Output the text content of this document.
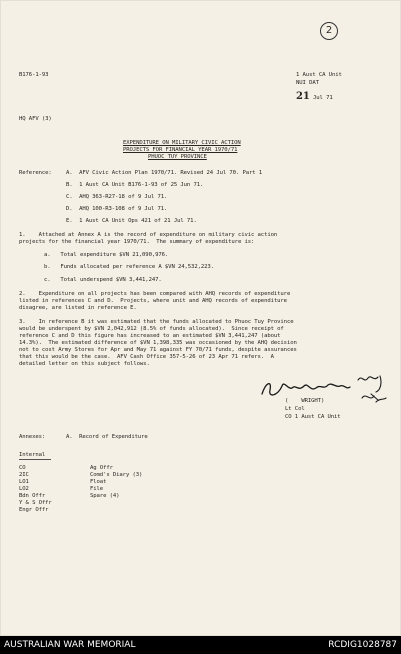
2
B176-1-93	1 Aust CA Unit
NUI DAT
21 Jul 71
HQ AFV (3)
EXPENDITURE ON MILITARY CIVIC ACTION
PROJECTS FOR FINANCIAL YEAR 1970/71
PHUOC TUY PROVINCE
Reference:	A.  AFV Civic Action Plan 1970/71. Revised 24 Jul 70. Part 1
B.  1 Aust CA Unit B176-1-93 of 25 Jun 71.
C.  AHQ 363-R27-18 of 9 Jul 71.
D.  AHQ 100-R3-108 of 9 Jul 71.
E.  1 Aust CA Unit Ops 421 of 21 Jul 71.
1.    Attached at Annex A is the record of expenditure on military civic action
projects for the financial year 1970/71.  The summary of expenditure is:
a.   Total expenditure $VN 21,090,976.
b.   Funds allocated per reference A $VN 24,532,223.
c.   Total underspend $VN 3,441,247.
2.    Expenditure on all projects has been compared with AHQ records of expenditure
listed in references C and D.  Projects, where unit and AHQ records of expenditure
disagree, are listed in reference E.
3.    In reference B it was estimated that the funds allocated to Phuoc Tuy Province
would be underspent by $VN 2,042,912 (8.5% of funds allocated).  Since receipt of
reference C and D this figure has increased to an estimated $VN 3,441,247 (about
14.3%).  The estimated difference of $VN 1,398,335 was occasioned by the AHQ decision
not to cost Army Stores for Apr and May 71 against FY 70/71 funds, despite assurances
that this would be the case.  AFV Cash Office 357-5-26 of 23 Apr 71 refers.  A
detailed letter on this subject follows.
(    WRIGHT)
Lt Col
CO 1 Aust CA Unit
Annexes:	A.  Record of Expenditure
Internal
CO
2IC
LO1
LO2
Bdn Offr
Y & S Offr
Engr Offr
Ag Offr
Comd's Diary (3)
Float
File
Spare (4)
AUSTRALIAN WAR MEMORIAL	RCDIG1028787
